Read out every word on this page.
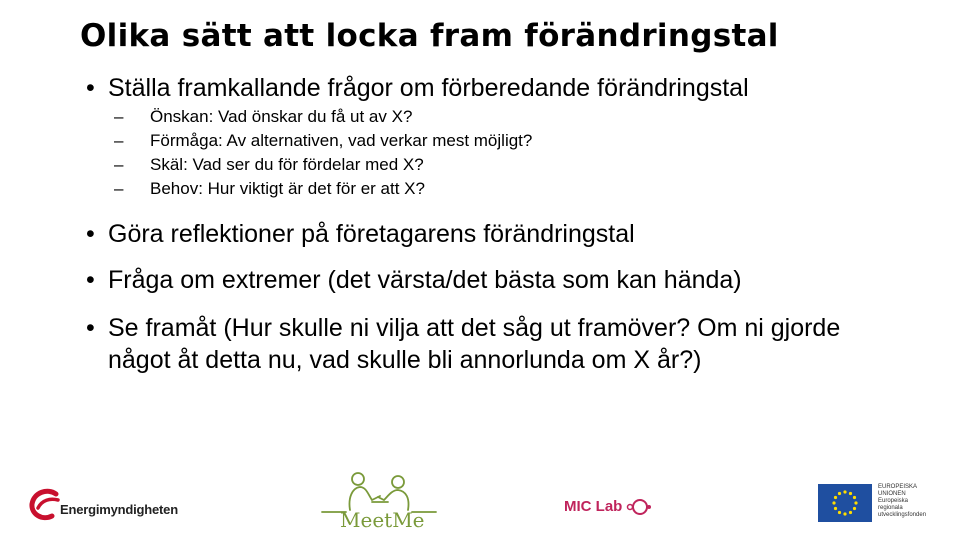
Olika sätt att locka fram förändringstal
• Ställa framkallande frågor om förberedande förändringstal
– Önskan: Vad önskar du få ut av X?
– Förmåga: Av alternativen, vad verkar mest möjligt?
– Skäl: Vad ser du för fördelar med X?
– Behov: Hur viktigt är det för er att X?
• Göra reflektioner på företagarens förändringstal
• Fråga om extremer (det värsta/det bästa som kan hända)
• Se framåt (Hur skulle ni vilja att det såg ut framöver? Om ni gjorde något åt detta nu, vad skulle bli annorlunda om X år?)
Energimyndigheten	MeetMe
MIC Lab
EUROPEISKA
UNIONEN
Europeiska
regionala
utvecklingsfonden
